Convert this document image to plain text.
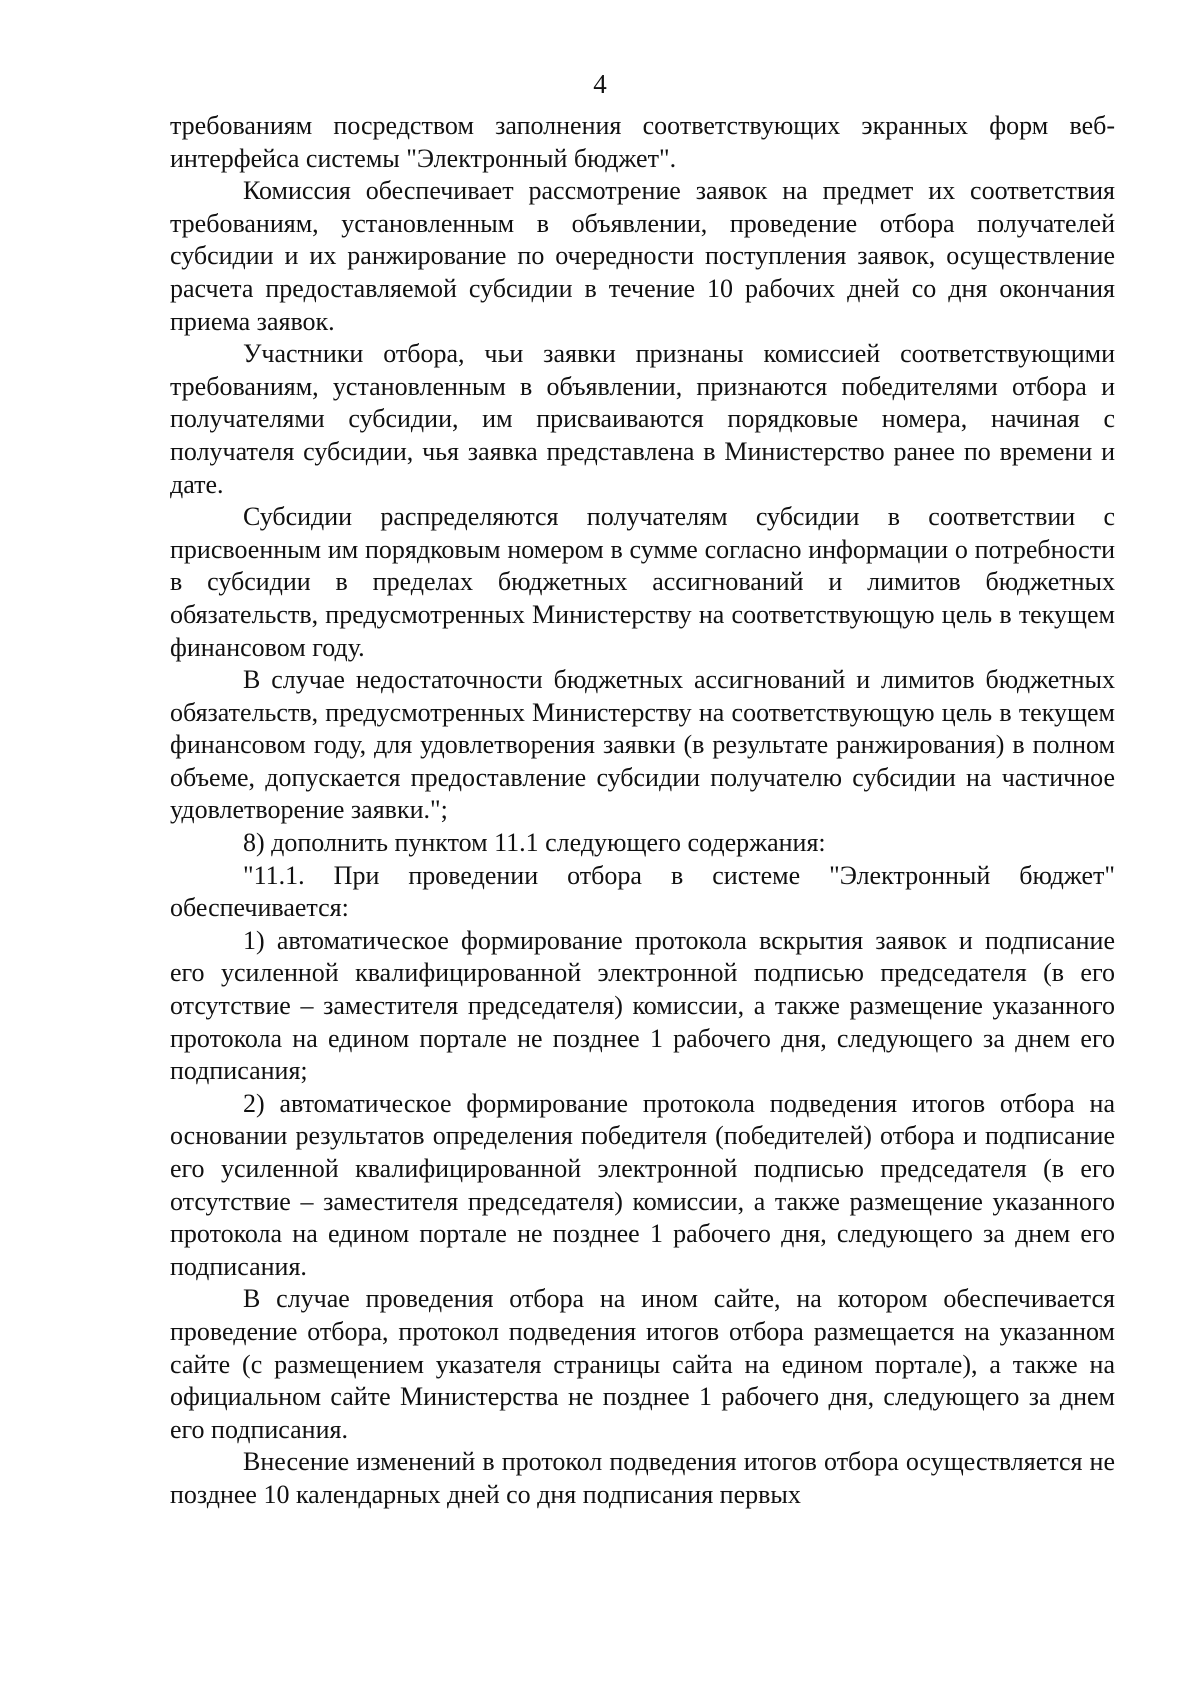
4

требованиям посредством заполнения соответствующих экранных форм веб-интерфейса системы "Электронный бюджет".

Комиссия обеспечивает рассмотрение заявок на предмет их соответствия требованиям, установленным в объявлении, проведение отбора получателей субсидии и их ранжирование по очередности поступления заявок, осуществление расчета предоставляемой субсидии в течение 10 рабочих дней со дня окончания приема заявок.

Участники отбора, чьи заявки признаны комиссией соответствующими требованиям, установленным в объявлении, признаются победителями отбора и получателями субсидии, им присваиваются порядковые номера, начиная с получателя субсидии, чья заявка представлена в Министерство ранее по времени и дате.

Субсидии распределяются получателям субсидии в соответствии с присвоенным им порядковым номером в сумме согласно информации о потребности в субсидии в пределах бюджетных ассигнований и лимитов бюджетных обязательств, предусмотренных Министерству на соответствующую цель в текущем финансовом году.

В случае недостаточности бюджетных ассигнований и лимитов бюджетных обязательств, предусмотренных Министерству на соответствующую цель в текущем финансовом году, для удовлетворения заявки (в результате ранжирования) в полном объеме, допускается предоставление субсидии получателю субсидии на частичное удовлетворение заявки.";

8) дополнить пунктом 11.1 следующего содержания:

"11.1. При проведении отбора в системе "Электронный бюджет" обеспечивается:

1) автоматическое формирование протокола вскрытия заявок и подписание его усиленной квалифицированной электронной подписью председателя (в его отсутствие – заместителя председателя) комиссии, а также размещение указанного протокола на едином портале не позднее 1 рабочего дня, следующего за днем его подписания;

2) автоматическое формирование протокола подведения итогов отбора на основании результатов определения победителя (победителей) отбора и подписание его усиленной квалифицированной электронной подписью председателя (в его отсутствие – заместителя председателя) комиссии, а также размещение указанного протокола на едином портале не позднее 1 рабочего дня, следующего за днем его подписания.

В случае проведения отбора на ином сайте, на котором обеспечивается проведение отбора, протокол подведения итогов отбора размещается на указанном сайте (с размещением указателя страницы сайта на едином портале), а также на официальном сайте Министерства не позднее 1 рабочего дня, следующего за днем его подписания.

Внесение изменений в протокол подведения итогов отбора осуществляется не позднее 10 календарных дней со дня подписания первых
